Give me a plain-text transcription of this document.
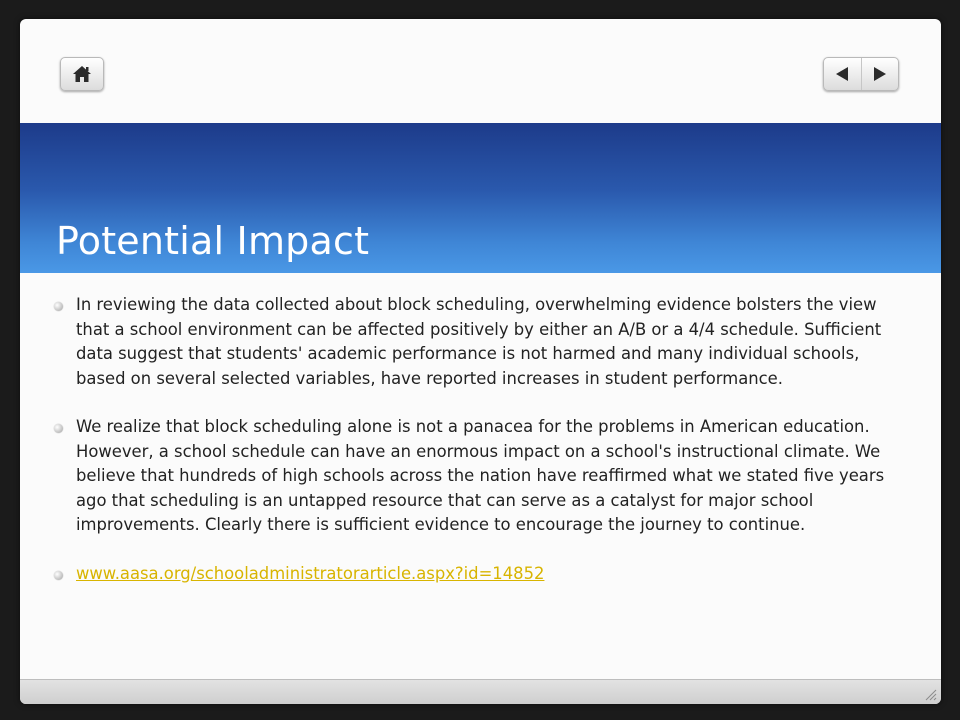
Potential Impact
In reviewing the data collected about block scheduling, overwhelming evidence bolsters the view that a school environment can be affected positively by either an A/B or a 4/4 schedule. Sufficient data suggest that students' academic performance is not harmed and many individual schools, based on several selected variables, have reported increases in student performance.
We realize that block scheduling alone is not a panacea for the problems in American education. However, a school schedule can have an enormous impact on a school's instructional climate. We believe that hundreds of high schools across the nation have reaffirmed what we stated five years ago that scheduling is an untapped resource that can serve as a catalyst for major school improvements. Clearly there is sufficient evidence to encourage the journey to continue.
www.aasa.org/schooladministratorarticle.aspx?id=14852
